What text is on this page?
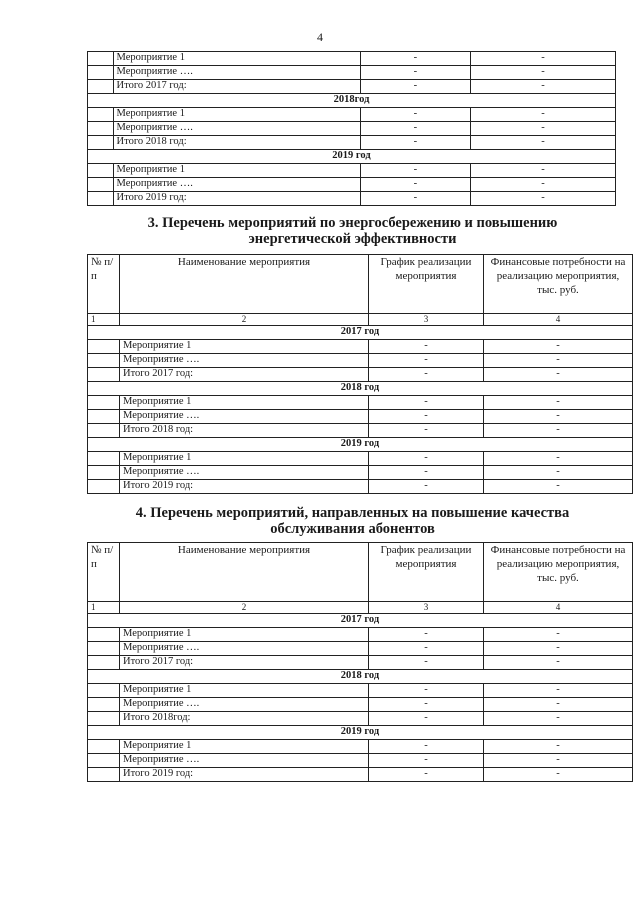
4

	Мероприятие 1	-	-
	Мероприятие ….	-	-
	Итого 2017 год:	-	-
2018год			
	Мероприятие 1	-	-
	Мероприятие ….	-	-
	Итого 2018 год:	-	-
2019 год			
	Мероприятие 1	-	-
	Мероприятие ….	-	-
	Итого 2019 год:	-	-
3. Перечень мероприятий по энергосбережению и повышению
энергетической эффективности
№ п/п	Наименование мероприятия	График реализации мероприятия	Финансовые потребности на реализацию мероприятия, тыс. руб.
1	2	3	4
2017 год			
	Мероприятие 1	-	-
	Мероприятие ….	-	-
	Итого 2017 год:	-	-
2018 год			
	Мероприятие 1	-	-
	Мероприятие ….	-	-
	Итого 2018 год:	-	-
2019 год			
	Мероприятие 1	-	-
	Мероприятие ….	-	-
	Итого 2019 год:	-	-
4. Перечень мероприятий, направленных на повышение качества
обслуживания абонентов
№ п/п	Наименование мероприятия	График реализации мероприятия	Финансовые потребности на реализацию мероприятия, тыс. руб.
1	2	3	4
2017 год			
	Мероприятие 1	-	-
	Мероприятие ….	-	-
	Итого 2017 год:	-	-
2018 год			
	Мероприятие 1	-	-
	Мероприятие ….	-	-
	Итого 2018год:	-	-
2019 год			
	Мероприятие 1	-	-
	Мероприятие ….	-	-
	Итого 2019 год:	-	-
